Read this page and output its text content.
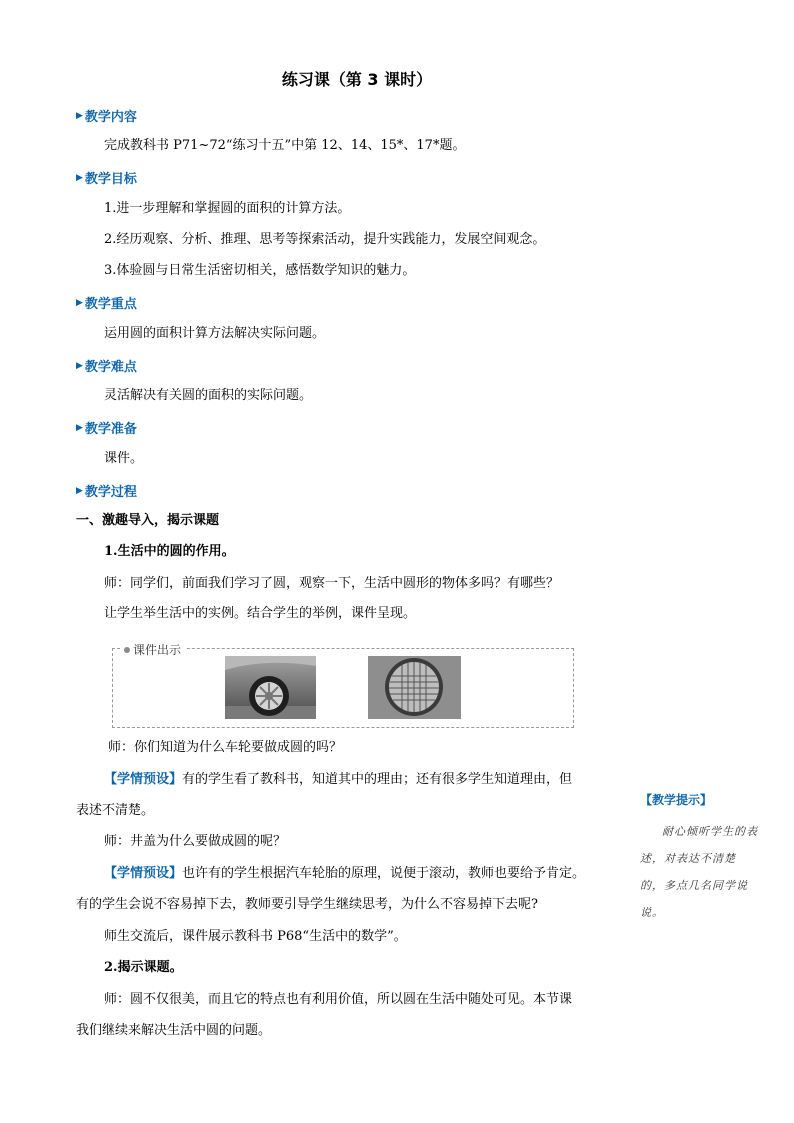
练习课（第 3 课时）
▶ 教学内容
完成教科书 P71~72“练习十五”中第 12、14、15*、17*题。
▶ 教学目标
1.进一步理解和掌握圆的面积的计算方法。
2.经历观察、分析、推理、思考等探索活动，提升实践能力，发展空间观念。
3.体验圆与日常生活密切相关，感悟数学知识的魅力。
▶ 教学重点
运用圆的面积计算方法解决实际问题。
▶ 教学难点
灵活解决有关圆的面积的实际问题。
▶ 教学准备
课件。
▶ 教学过程
一、激趣导入，揭示课题
1.生活中的圆的作用。
师：同学们，前面我们学习了圆，观察一下，生活中圆形的物体多吗？有哪些？
让学生举生活中的实例。结合学生的举例，课件呈现。
课件出示
师：你们知道为什么车轮要做成圆的吗？
【学情预设】有的学生看了教科书，知道其中的理由；还有很多学生知道理由，但
表述不清楚。
师：井盖为什么要做成圆的呢？
【学情预设】也许有的学生根据汽车轮胎的原理，说便于滚动，教师也要给予肯定。
有的学生会说不容易掉下去，教师要引导学生继续思考，为什么不容易掉下去呢?
师生交流后，课件展示教科书 P68“生活中的数学”。
2.揭示课题。
师：圆不仅很美，而且它的特点也有利用价值，所以圆在生活中随处可见。本节课
我们继续来解决生活中圆的问题。
【教学提示】
耐心倾听学生的表述，对表达不清楚的，多点几名同学说说。
